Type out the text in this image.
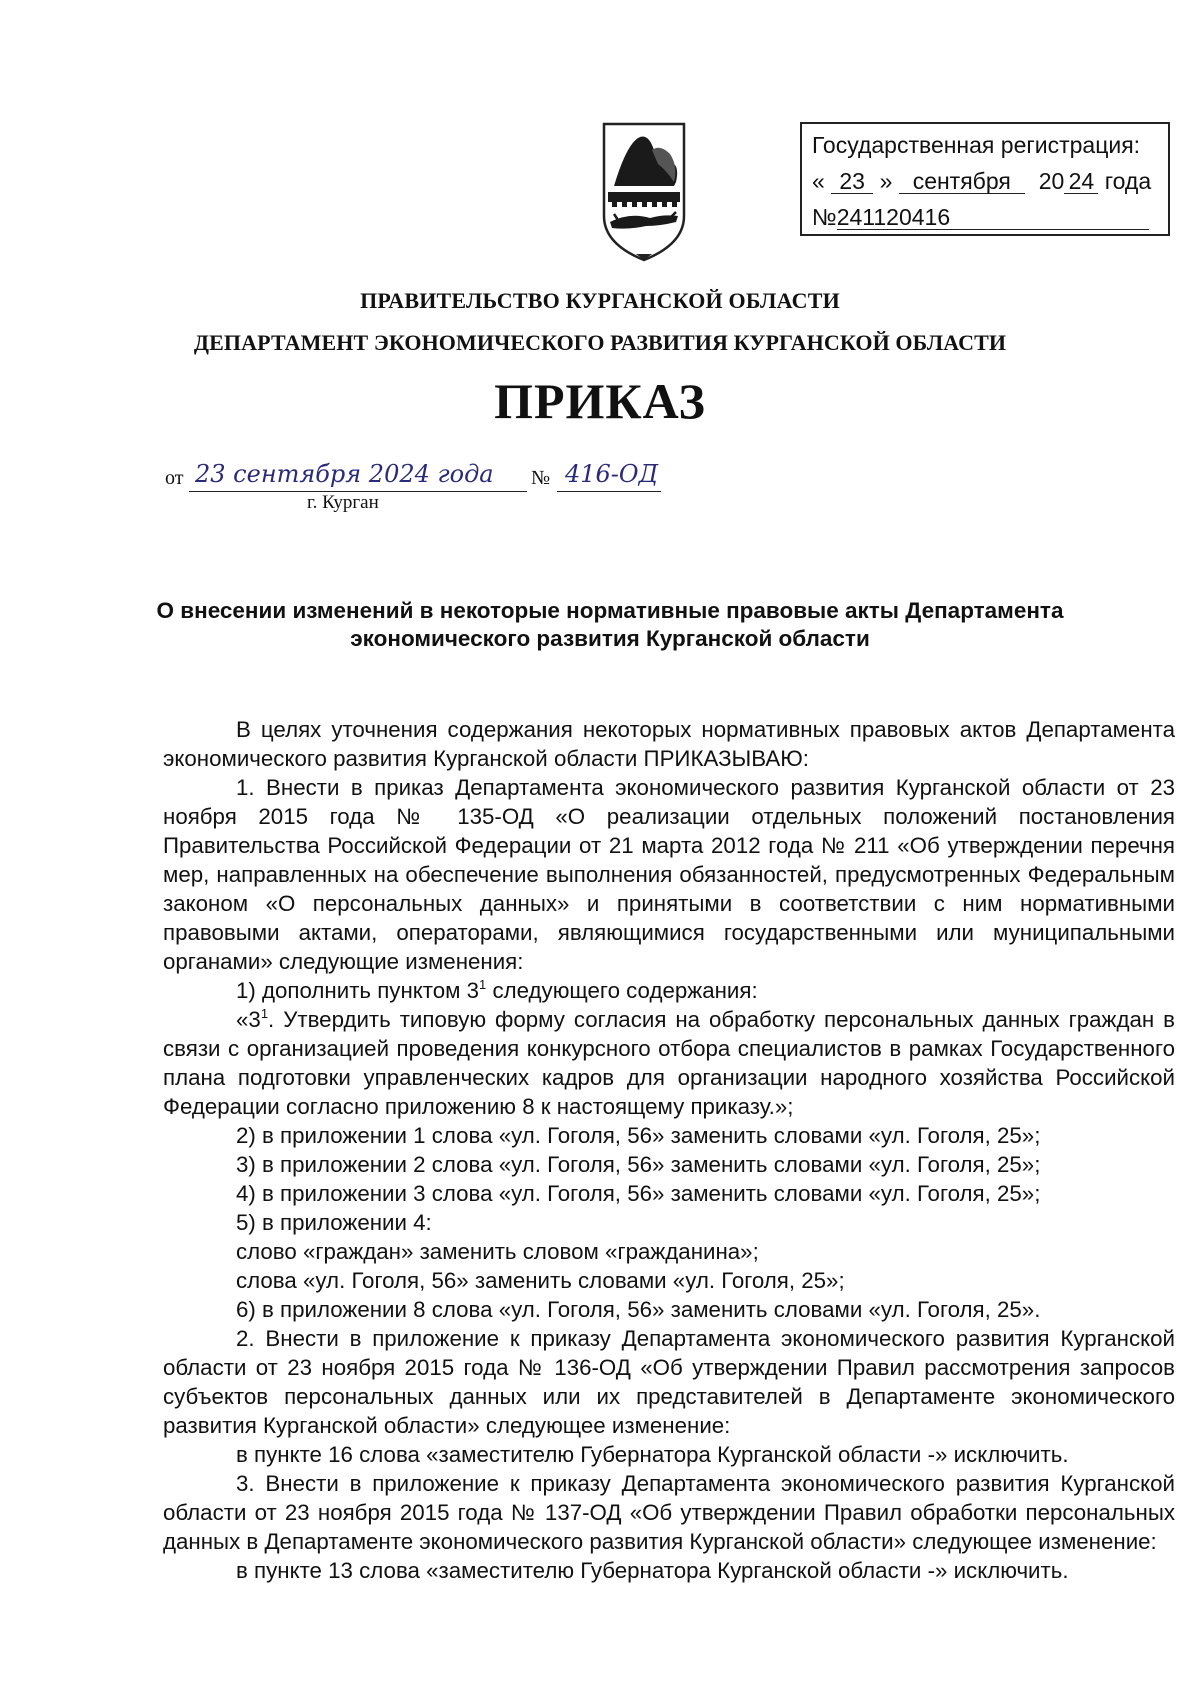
Государственная регистрация:
« 23 » сентября 20 24 года
№241120416
ПРАВИТЕЛЬСТВО КУРГАНСКОЙ ОБЛАСТИ
ДЕПАРТАМЕНТ ЭКОНОМИЧЕСКОГО РАЗВИТИЯ КУРГАНСКОЙ ОБЛАСТИ
ПРИКАЗ
от 23 сентября 2024 года № 416-ОД
г. Курган
О внесении изменений в некоторые нормативные правовые акты Департамента
экономического развития Курганской области

В целях уточнения содержания некоторых нормативных правовых актов Департамента экономического развития Курганской области ПРИКАЗЫВАЮ:

1. Внести в приказ Департамента экономического развития Курганской области от 23 ноября 2015 года № 135-ОД «О реализации отдельных положений постановления Правительства Российской Федерации от 21 марта 2012 года № 211 «Об утверждении перечня мер, направленных на обеспечение выполнения обязанностей, предусмотренных Федеральным законом «О персональных данных» и принятыми в соответствии с ним нормативными правовыми актами, операторами, являющимися государственными или муниципальными органами» следующие изменения:

1) дополнить пунктом $3^1$ следующего содержания:

«$3^1$. Утвердить типовую форму согласия на обработку персональных данных граждан в связи с организацией проведения конкурсного отбора специалистов в рамках Государственного плана подготовки управленческих кадров для организации народного хозяйства Российской Федерации согласно приложению 8 к настоящему приказу.»;

2) в приложении 1 слова «ул. Гоголя, 56» заменить словами «ул. Гоголя, 25»;

3) в приложении 2 слова «ул. Гоголя, 56» заменить словами «ул. Гоголя, 25»;

4) в приложении 3 слова «ул. Гоголя, 56» заменить словами «ул. Гоголя, 25»;

5) в приложении 4:

слово «граждан» заменить словом «гражданина»;

слова «ул. Гоголя, 56» заменить словами «ул. Гоголя, 25»;

6) в приложении 8 слова «ул. Гоголя, 56» заменить словами «ул. Гоголя, 25».

2. Внести в приложение к приказу Департамента экономического развития Курганской области от 23 ноября 2015 года № 136-ОД «Об утверждении Правил рассмотрения запросов субъектов персональных данных или их представителей в Департаменте экономического развития Курганской области» следующее изменение:

в пункте 16 слова «заместителю Губернатора Курганской области -» исключить.

3. Внести в приложение к приказу Департамента экономического развития Курганской области от 23 ноября 2015 года № 137-ОД «Об утверждении Правил обработки персональных данных в Департаменте экономического развития Курганской области» следующее изменение:

в пункте 13 слова «заместителю Губернатора Курганской области -» исключить.
